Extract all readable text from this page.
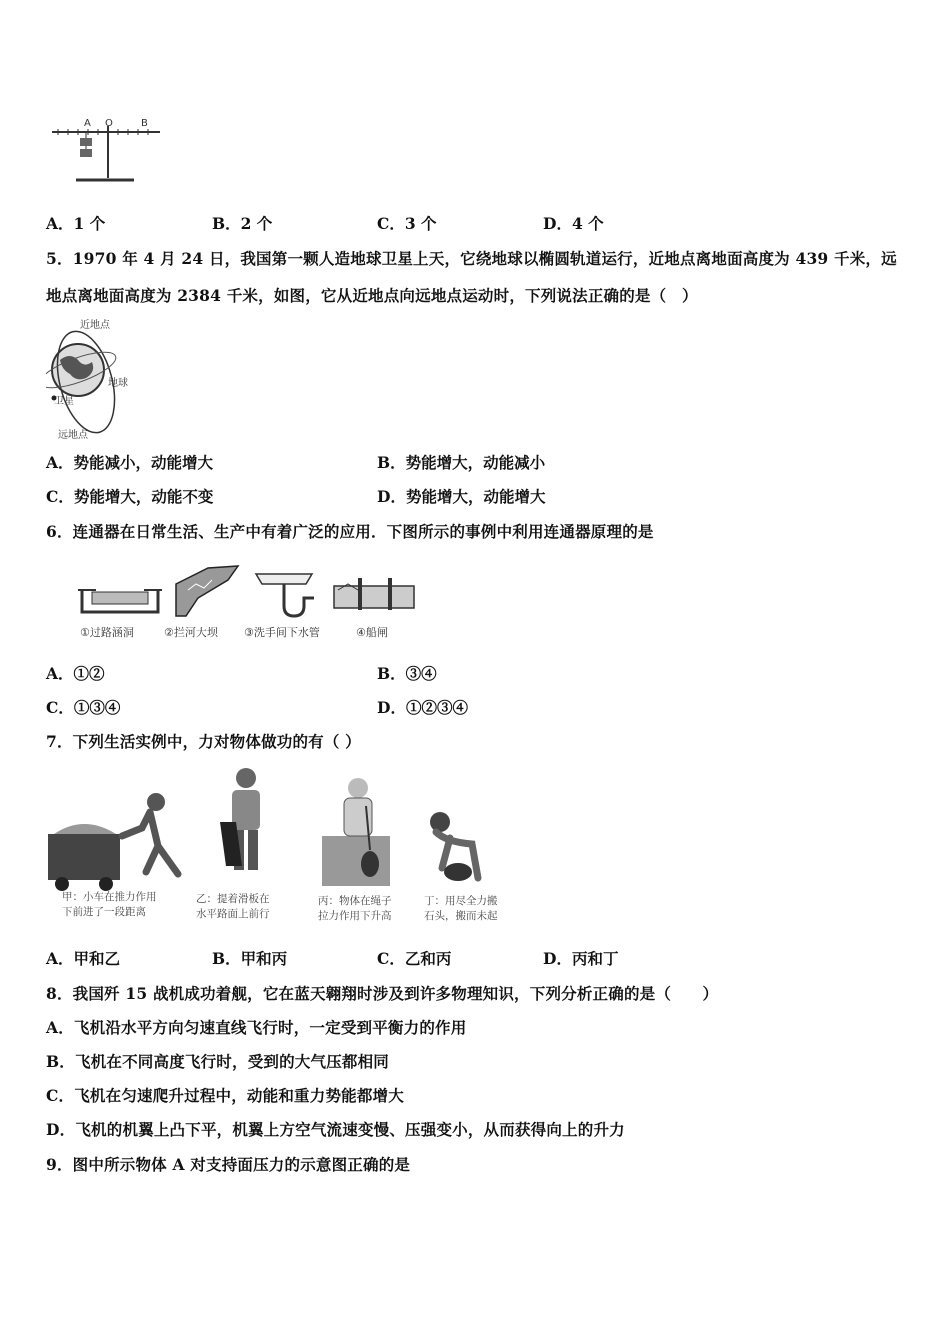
A O	B
A．1 个	B．2 个	C．3 个	D．4 个
5．1970 年 4 月 24 日，我国第一颗人造地球卫星上天，它绕地球以椭圆轨道运行，近地点离地面高度为 439 千米，远
地点离地面高度为 2384 千米，如图，它从近地点向远地点运动时，下列说法正确的是（　）
近地点
地球
卫星
远地点
A．势能减小，动能增大	B．势能增大，动能减小
C．势能增大，动能不变	D．势能增大，动能增大
6．连通器在日常生活、生产中有着广泛的应用．下图所示的事例中利用连通器原理的是
①过路涵洞	②拦河大坝 ③洗手间下水管	④船闸
A．①②	B．③④
C．①③④	D．①②③④
7．下列生活实例中，力对物体做功的有（ ）
甲：小车在推力作用
下前进了一段距离
乙：提着滑板在
水平路面上前行
丙：物体在绳子
拉力作用下升高
丁：用尽全力搬
石头，搬而未起
A．甲和乙	B．甲和丙	C．乙和丙	D．丙和丁
8．我国歼 15 战机成功着舰，它在蓝天翱翔时涉及到许多物理知识，下列分析正确的是（　　）
A．飞机沿水平方向匀速直线飞行时，一定受到平衡力的作用
B．飞机在不同高度飞行时，受到的大气压都相同
C．飞机在匀速爬升过程中，动能和重力势能都增大
D．飞机的机翼上凸下平，机翼上方空气流速变慢、压强变小，从而获得向上的升力
9．图中所示物体 A 对支持面压力的示意图正确的是
